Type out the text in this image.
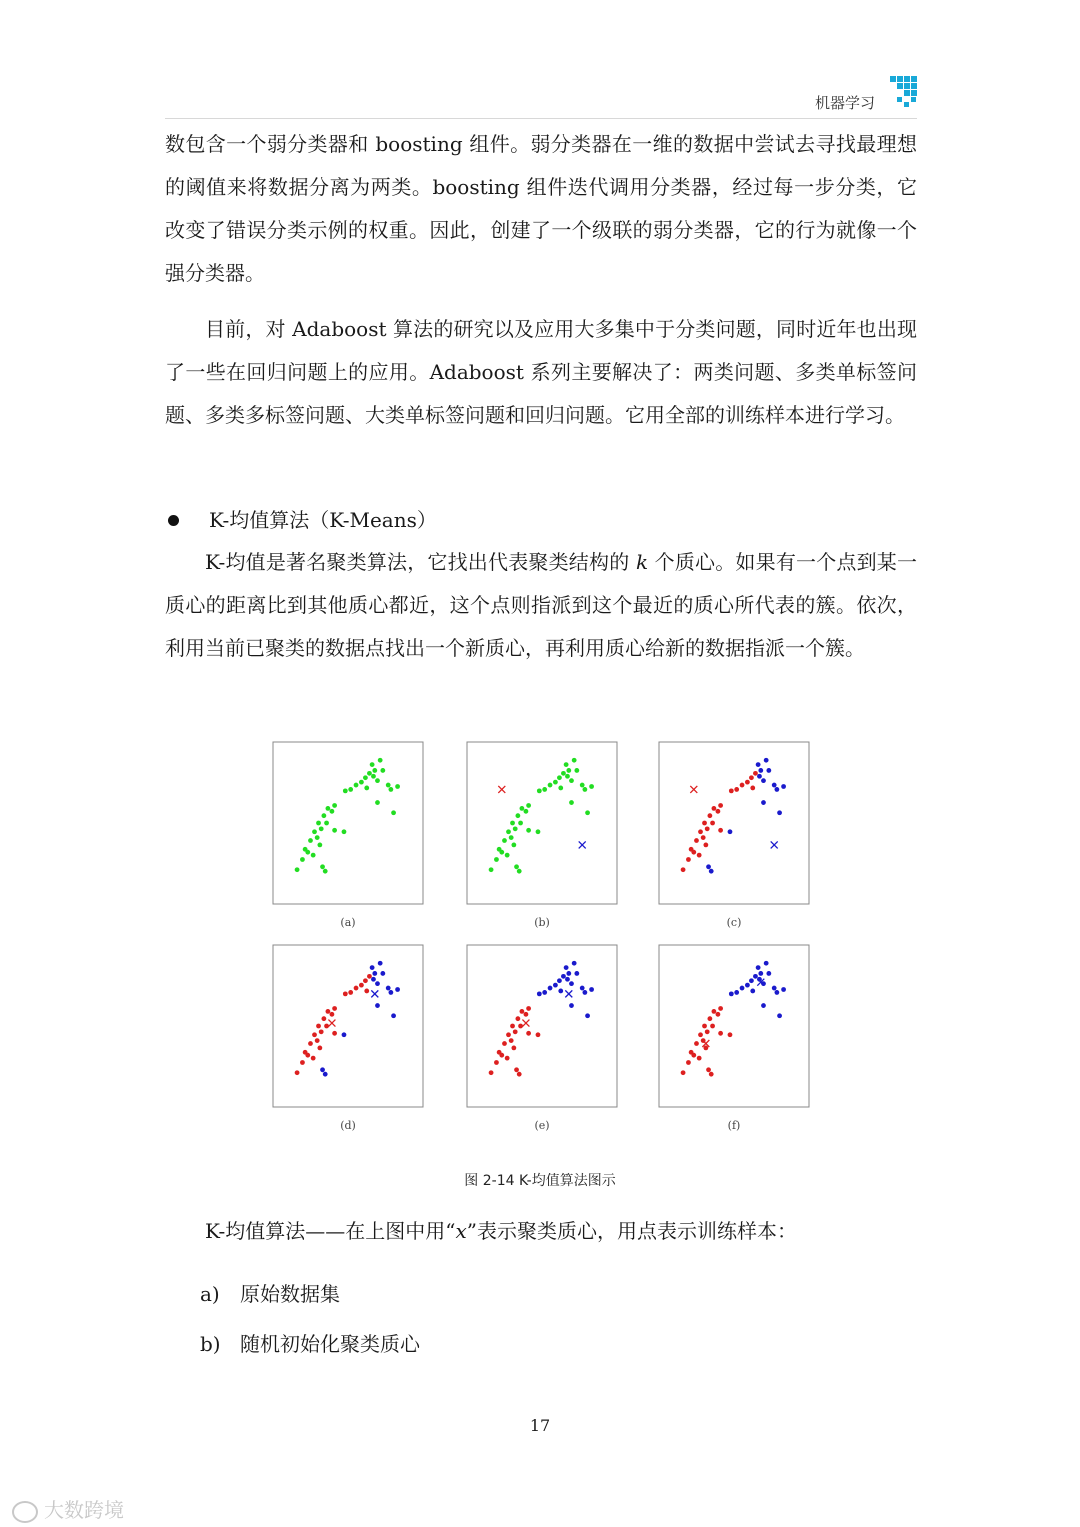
机器学习

数包含一个弱分类器和 boosting 组件。弱分类器在一维的数据中尝试去寻找最理想的阈值来将数据分离为两类。boosting 组件迭代调用分类器，经过每一步分类，它改变了错误分类示例的权重。因此，创建了一个级联的弱分类器，它的行为就像一个强分类器。

目前，对 Adaboost 算法的研究以及应用大多集中于分类问题，同时近年也出现了一些在回归问题上的应用。Adaboost 系列主要解决了：两类问题、多类单标签问题、多类多标签问题、大类单标签问题和回归问题。它用全部的训练样本进行学习。

K-均值算法（K-Means）

K-均值是著名聚类算法，它找出代表聚类结构的 k 个质心。如果有一个点到某一质心的距离比到其他质心都近，这个点则指派到这个最近的质心所代表的簇。依次，利用当前已聚类的数据点找出一个新质心，再利用质心给新的数据指派一个簇。

(a)	(b)	(c)
(d)	(e)	(f)
图 2-14 K-均值算法图示

K-均值算法——在上图中用“x”表示聚类质心，用点表示训练样本：

a) 原始数据集
b) 随机初始化聚类质心
17
大数跨境
